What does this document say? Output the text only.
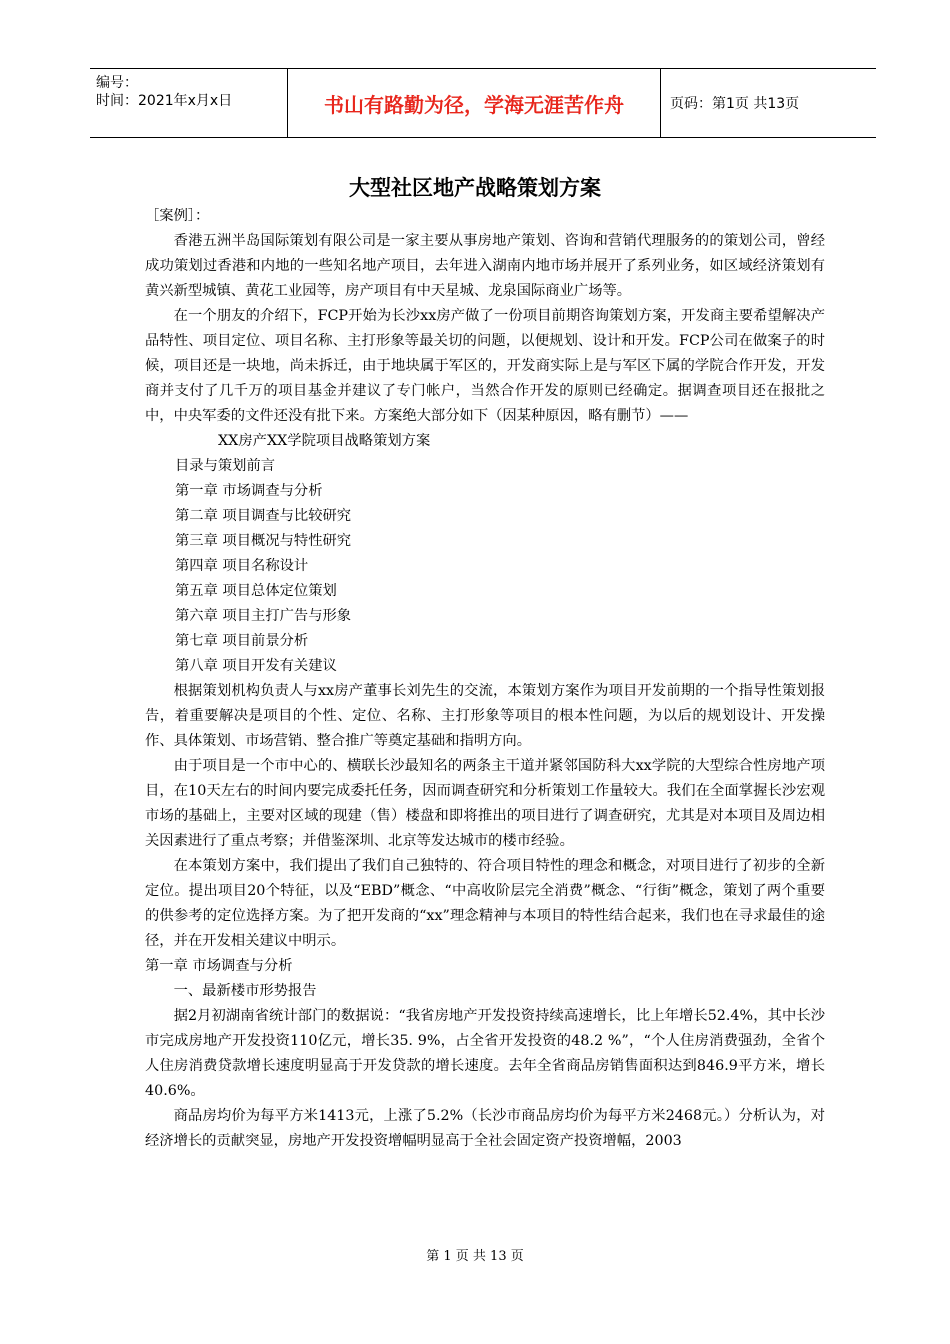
编号：
时间：2021年x月x日	书山有路勤为径，学海无涯苦作舟	页码：第1页 共13页
大型社区地产战略策划方案

［案例］：

香港五洲半岛国际策划有限公司是一家主要从事房地产策划、咨询和营销代理服务的的策划公司，曾经成功策划过香港和内地的一些知名地产项目，去年进入湖南内地市场并展开了系列业务，如区域经济策划有黄兴新型城镇、黄花工业园等，房产项目有中天星城、龙泉国际商业广场等。

在一个朋友的介绍下，FCP开始为长沙xx房产做了一份项目前期咨询策划方案，开发商主要希望解决产品特性、项目定位、项目名称、主打形象等最关切的问题，以便规划、设计和开发。FCP公司在做案子的时候，项目还是一块地，尚未拆迁，由于地块属于军区的，开发商实际上是与军区下属的学院合作开发，开发商并支付了几千万的项目基金并建议了专门帐户，当然合作开发的原则已经确定。据调查项目还在报批之中，中央军委的文件还没有批下来。方案绝大部分如下（因某种原因，略有删节）——

XX房产XX学院项目战略策划方案

目录与策划前言

第一章 市场调查与分析

第二章 项目调查与比较研究

第三章 项目概况与特性研究

第四章 项目名称设计

第五章 项目总体定位策划

第六章 项目主打广告与形象

第七章 项目前景分析

第八章 项目开发有关建议

根据策划机构负责人与xx房产董事长刘先生的交流，本策划方案作为项目开发前期的一个指导性策划报告，着重要解决是项目的个性、定位、名称、主打形象等项目的根本性问题，为以后的规划设计、开发操作、具体策划、市场营销、整合推广等奠定基础和指明方向。

由于项目是一个市中心的、横联长沙最知名的两条主干道并紧邻国防科大xx学院的大型综合性房地产项目，在10天左右的时间内要完成委托任务，因而调查研究和分析策划工作量较大。我们在全面掌握长沙宏观市场的基础上，主要对区域的现建（售）楼盘和即将推出的项目进行了调查研究，尤其是对本项目及周边相关因素进行了重点考察；并借鉴深圳、北京等发达城市的楼市经验。

在本策划方案中，我们提出了我们自己独特的、符合项目特性的理念和概念，对项目进行了初步的全新定位。提出项目20个特征，以及“EBD”概念、“中高收阶层完全消费”概念、“行街”概念，策划了两个重要的供参考的定位选择方案。为了把开发商的“xx”理念精神与本项目的特性结合起来，我们也在寻求最佳的途径，并在开发相关建议中明示。

第一章 市场调查与分析

一、最新楼市形势报告

据2月初湖南省统计部门的数据说：“我省房地产开发投资持续高速增长，比上年增长52.4%，其中长沙市完成房地产开发投资110亿元，增长35. 9%，占全省开发投资的48.2 %”，“个人住房消费强劲，全省个人住房消费贷款增长速度明显高于开发贷款的增长速度。去年全省商品房销售面积达到846.9平方米，增长40.6%。

商品房均价为每平方米1413元，上涨了5.2%（长沙市商品房均价为每平方米2468元。）分析认为，对经济增长的贡献突显，房地产开发投资增幅明显高于全社会固定资产投资增幅，2003

第 1 页 共 13 页
